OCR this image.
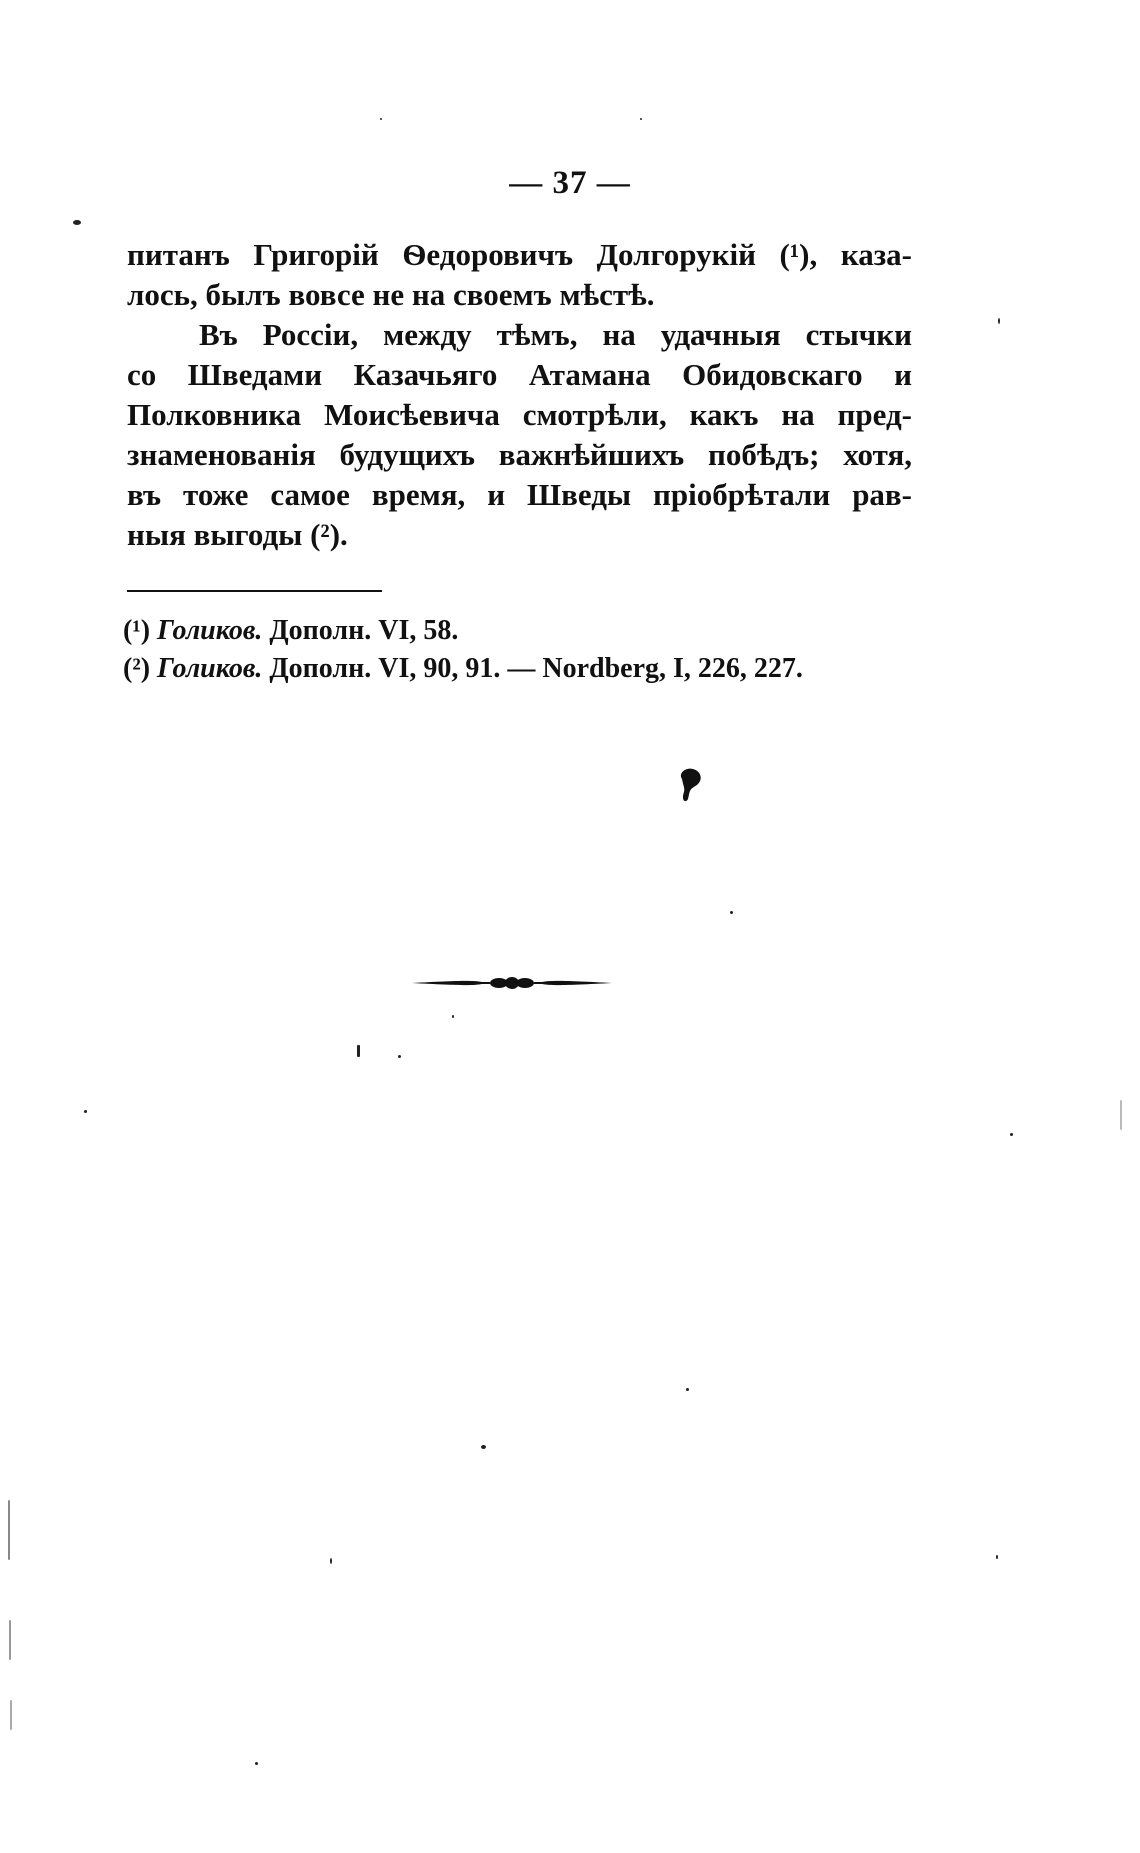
— 37 —
питанъ Григорій Ѳедоровичъ Долгорукій (¹), каза-
лось, былъ вовсе не на своемъ мѣстѣ.
Въ Россіи, между тѣмъ, на удачныя стычки
со Шведами Казачьяго Атамана Обидовскаго и
Полковника Моисѣевича смотрѣли, какъ на пред-
знаменованія будущихъ важнѣйшихъ побѣдъ; хотя,
въ тоже самое время, и Шведы пріобрѣтали рав-
ныя выгоды (²).
(¹) Голиков. Дополн. VI, 58.
(²) Голиков. Дополн. VI, 90, 91. — Nordberg, I, 226, 227.
